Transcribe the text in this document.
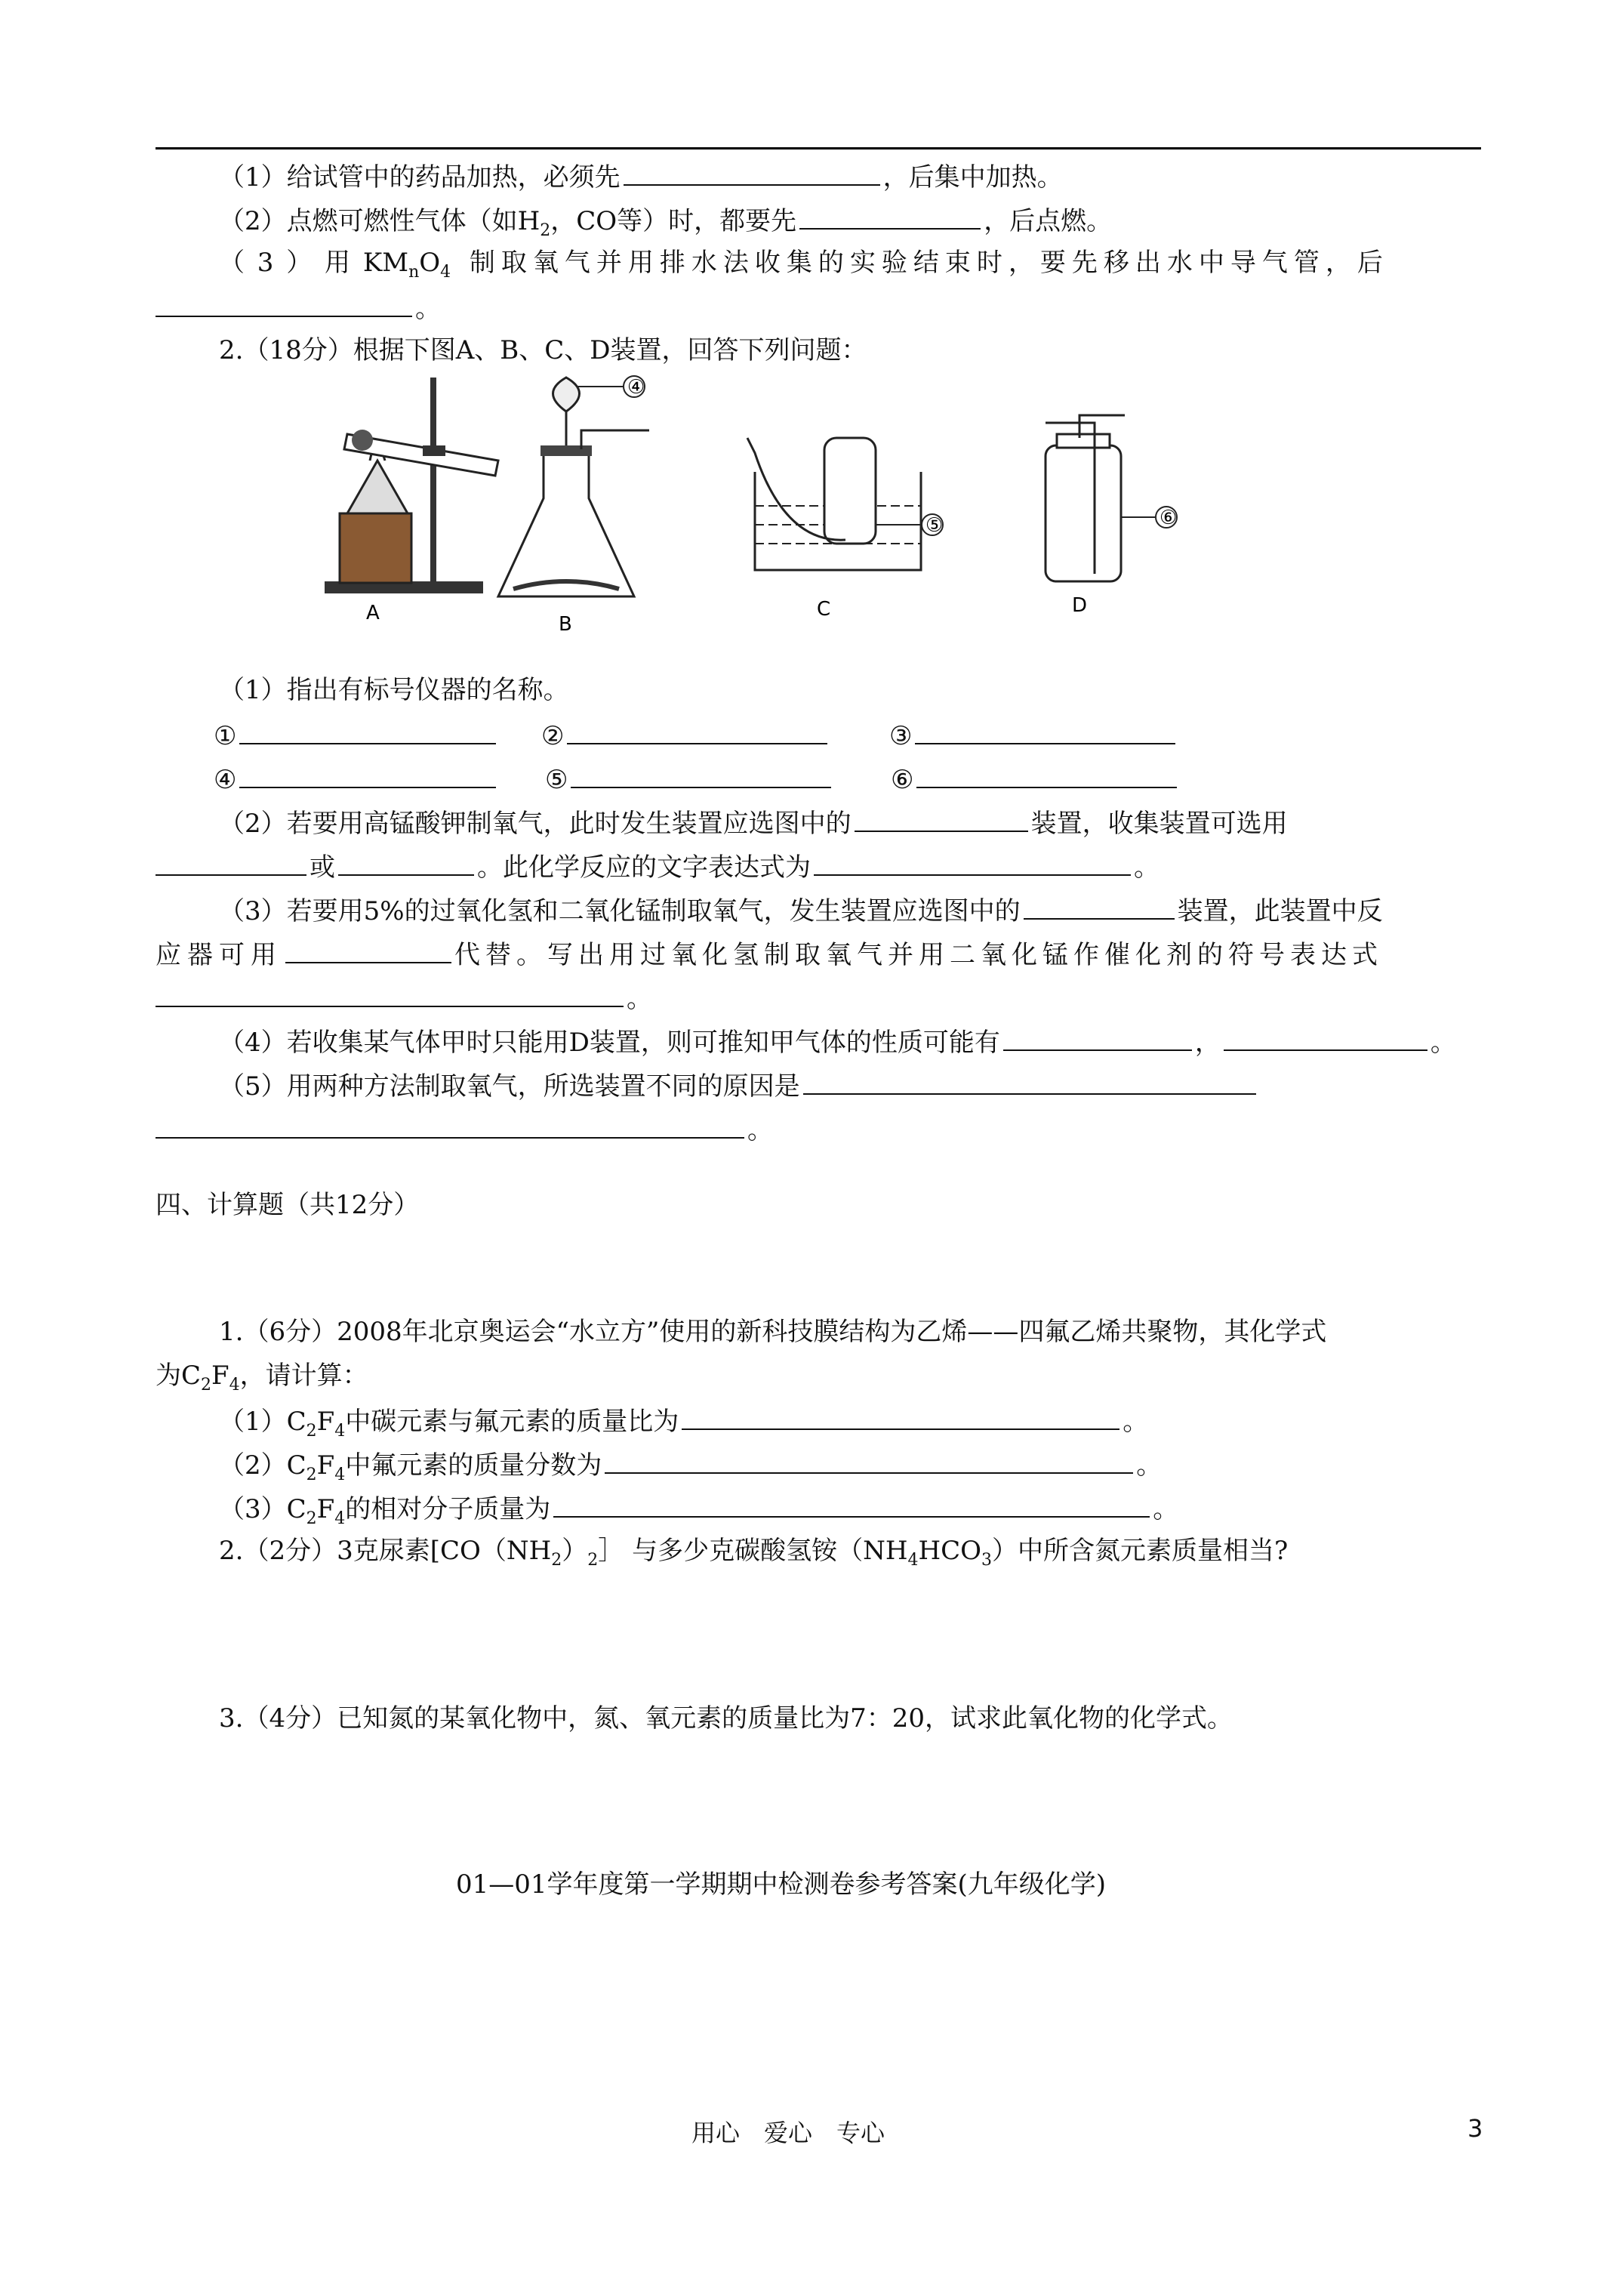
（1）给试管中的药品加热，必须先	，后集中加热。
（2）点燃可燃性气体（如$H_2$，CO等）时，都要先	，后点燃。
（ 3 ） 用 $KM_nO_4$ 制取氧气并用排水法收集的实验结束时，要先移出水中导气管，后
。
2.（18分）根据下图A、B、C、D装置，回答下列问题：
A
④
B
⑤
C
⑥
D
（1）指出有标号仪器的名称。
①	②	③
④	⑤	⑥
（2）若要用高锰酸钾制氧气，此时发生装置应选图中的	装置，收集装置可选用
或	。此化学反应的文字表达式为	。
（3）若要用5%的过氧化氢和二氧化锰制取氧气，发生装置应选图中的	装置，此装置中反
应器可用	代替。写出用过氧化氢制取氧气并用二氧化锰作催化剂的符号表达式
。
（4）若收集某气体甲时只能用D装置，则可推知甲气体的性质可能有	，	。
（5）用两种方法制取氧气，所选装置不同的原因是
。
四、计算题（共12分）
1.（6分）2008年北京奥运会“水立方”使用的新科技膜结构为乙烯——四氟乙烯共聚物，其化学式
为$C_2F_4$，请计算：
$(1)C_2F_4$中碳元素与氟元素的质量比为	。
$(2)C_2F_4$中氟元素的质量分数为	。
$(3)C_2F_4$的相对分子质量为	。
2.（2分）3克尿素[$CO(NH_2)_2]$ 与多少克碳酸氢铵$(NH_4HCO_3)$中所含氮元素质量相当?
3.（4分）已知氮的某氧化物中，氮、氧元素的质量比为7：20，试求此氧化物的化学式。
01—01学年度第一学期期中检测卷参考答案(九年级化学)
用心　爱心　专心	3
